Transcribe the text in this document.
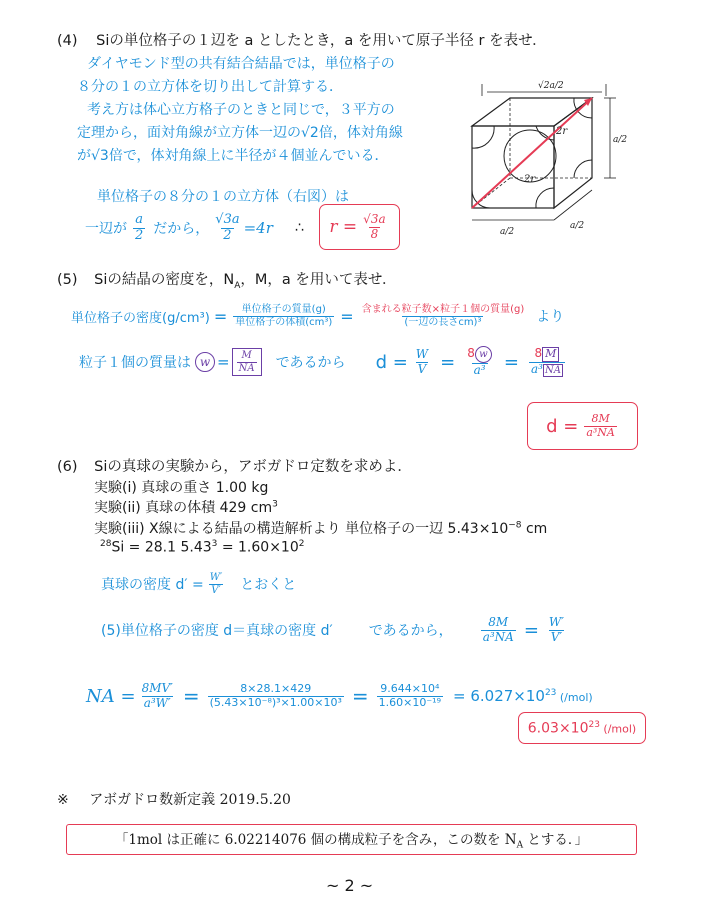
(4) Siの単位格子の１辺を a としたとき，a を用いて原子半径 r を表せ．
ダイヤモンド型の共有結合結晶では，単位格子の
８分の１の立方体を切り出して計算する．
考え方は体心立方格子のときと同じで，３平方の
定理から，面対角線が立方体一辺の√2倍，体対角線
が√3倍で，体対角線上に半径が４個並んでいる．
単位格子の８分の１の立方体（右図）は
一辺が $\frac{a}{2}$ だから， $\frac{√3a}{2} =4r$ ∴ $r = \frac{√3a}{8}$
√2a/2
2r
2r
a/2
a/2
a/2
(5) Siの結晶の密度を，$N_A$，M，a を用いて表せ．
単位格子の密度$(g/cm^3) = \frac{\text{単位格子の質量(g)}}{\text{単位格子の体積(cm³)}} = \frac{\text{含まれる粒子数×粒子１個の質量(g)}}{\text{(一辺の長さcm)³}}$ より
粒子１個の質量は $w = \frac{M}{NA}$ であるから $d = \frac{W}{V} = \frac{8 w}{\text{a³}} = \frac{8 M}{\text{a³ NA}}$
$d = \frac{8M}{\text{a³NA}}$
(6) Siの真球の実験から，アボガドロ定数を求めよ．
実験(i) 真球の重さ 1.00 kg
実験(ii) 真球の体積 429 $cm^3$
実験(iii) X線による結晶の構造解析より 単位格子の一辺 $5.43\times 10^{-8}$ cm
$^{28}$Si = 28.1 $5.43^3 = 1.60\times 10^2$
真球の密度 $d' = \frac{W'}{V'}$ とおくと
(5)単位格子の密度 d＝真球の密度 d′	であるから， $\frac{8M}{\text{a³NA}} = \frac{W'}{V'}$
NA = $\frac{8MV'}{\text{a³W′}} = \frac{8\times 28.1\times 429}{\text{(5.43×10⁻⁸)³×1.00×10³}} = \frac{\text{9.644×10⁴}}{\text{1.60×10⁻¹⁹}} = 6.027\times 10^{23}$ (/mol)
$6.03\times 10^{23}$ (/mol)
※ アボガドロ数新定義 2019.5.20
「1mol は正確に 6.02214076 個の構成粒子を含み，この数を $N_A$ とする．」
~ 2 ~
